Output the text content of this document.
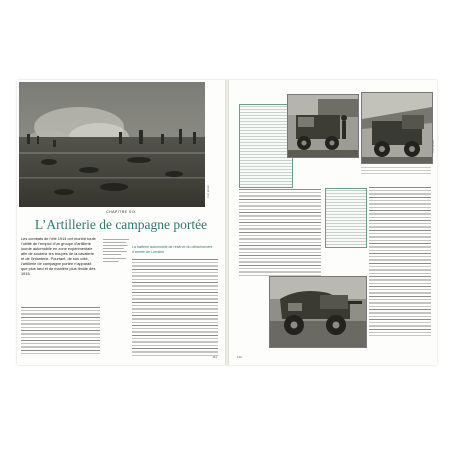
Coll. privée
CHAPITRE SIX
L’Artillerie de campagne portée
Les combats de l’été 1914 ont montré toute l’utilité de l’emploi d’un groupe d’artillerie lourde automobile en zone expérimentale afin de soutenir les troupes de la cavalerie et de l’infanterie. Pourtant, de son côté, l’artillerie de campagne portée n’apparaît que plus tard et de manière plus timide dès 1915.
La batterie automobile de réserve du détachement d’armée de Lorraine
111
Coll. privée
112
